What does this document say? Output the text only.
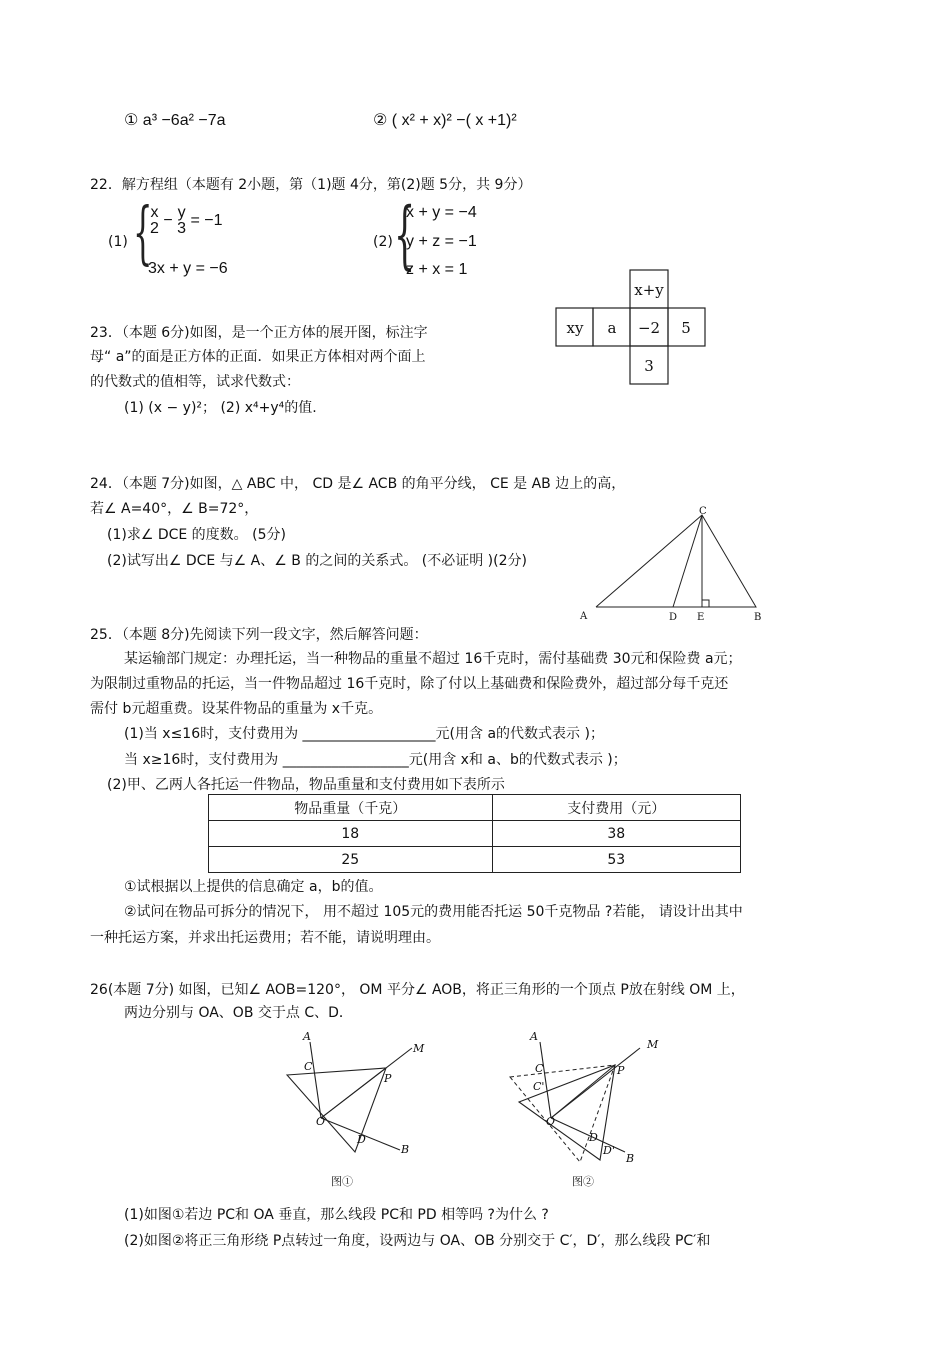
① a³ −6a² −7a	② ( x² + x)² −( x +1)²
22．解方程组（本题有 2小题，第（1)题 4分，第(2)题 5分，共 9分）
(1) {
x
2 − y
3 = −1
3x + y = −6
(2) {
x + y = −4
y + z = −1
z + x = 1
x+y
xy a −2 5
3
23．（本题 6分)如图，是一个正方体的展开图，标注字
母“ a”的面是正方体的正面．如果正方体相对两个面上
的代数式的值相等，试求代数式：
(1) (x − y)²； (2) x⁴+y⁴的值.
24．（本题 7分)如图，△ ABC 中， CD 是∠ ACB 的角平分线， CE 是 AB 边上的高，
若∠ A=40°，∠ B=72°，
(1)求∠ DCE 的度数。 (5分)
(2)试写出∠ DCE 与∠ A、∠ B 的之间的关系式。 (不必证明 )(2分)
C
A	D E	B
25．（本题 8分)先阅读下列一段文字，然后解答问题：
某运输部门规定：办理托运，当一种物品的重量不超过 16千克时，需付基础费 30元和保险费 a元；
为限制过重物品的托运，当一件物品超过 16千克时，除了付以上基础费和保险费外，超过部分每千克还
需付 b元超重费。设某件物品的重量为 x千克。
(1)当 x≤16时，支付费用为 ___________________元(用含 a的代数式表示 )；
当 x≥16时，支付费用为 __________________元(用含 x和 a、b的代数式表示 )；
(2)甲、乙两人各托运一件物品，物品重量和支付费用如下表所示
物品重量（千克）	支付费用（元）
18	38
25	53
①试根据以上提供的信息确定 a，b的值。
②试问在物品可拆分的情况下， 用不超过 105元的费用能否托运 50千克物品 ?若能， 请设计出其中
一种托运方案，并求出托运费用；若不能，请说明理由。
26(本题 7分) 如图，已知∠ AOB=120°， OM 平分∠ AOB，将正三角形的一个顶点 P放在射线 OM 上，
两边分别与 OA、OB 交于点 C、D．
A
C
M
P
O
D
B
图①
A
C
C'
M
P
O
D
D'
B
图②
(1)如图①若边 PC和 OA 垂直，那么线段 PC和 PD 相等吗 ?为什么 ?
(2)如图②将正三角形绕 P点转过一角度，设两边与 OA、OB 分别交于 C′，D′，那么线段 PC′和
